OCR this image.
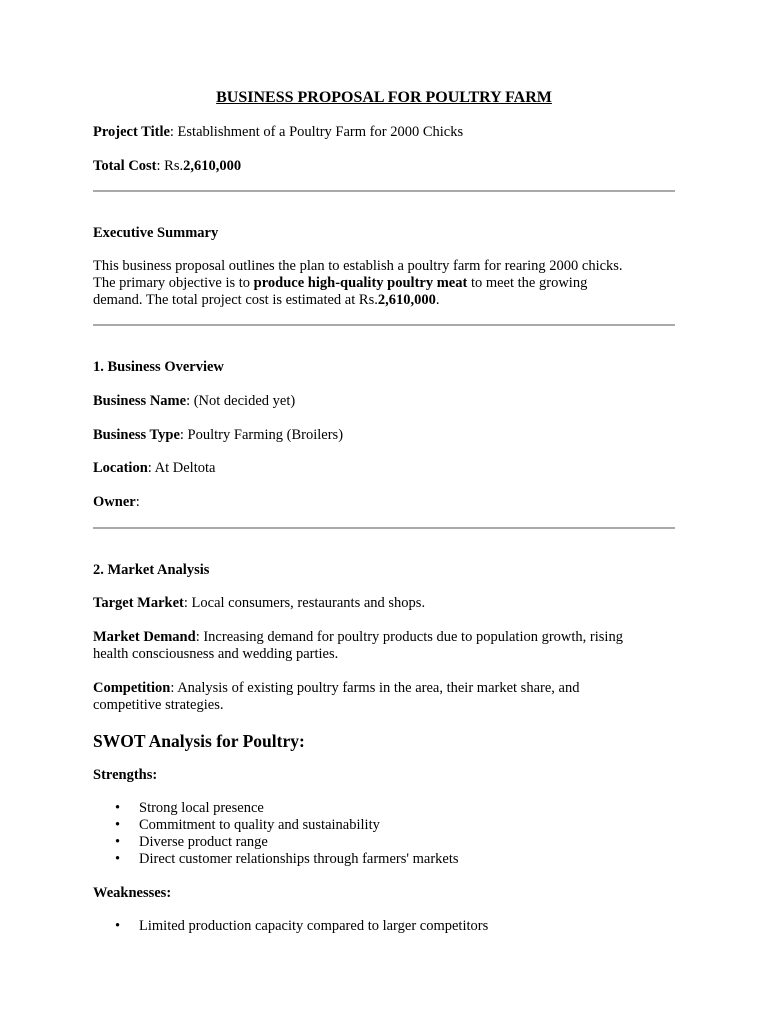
BUSINESS PROPOSAL FOR POULTRY FARM
Project Title: Establishment of a Poultry Farm for 2000 Chicks
Total Cost: Rs.2,610,000
Executive Summary
This business proposal outlines the plan to establish a poultry farm for rearing 2000 chicks.
The primary objective is to produce high-quality poultry meat to meet the growing
demand. The total project cost is estimated at Rs.2,610,000.
1. Business Overview
Business Name: (Not decided yet)
Business Type: Poultry Farming (Broilers)
Location: At Deltota
Owner:
2. Market Analysis
Target Market: Local consumers, restaurants and shops.
Market Demand: Increasing demand for poultry products due to population growth, rising
health consciousness and wedding parties.
Competition: Analysis of existing poultry farms in the area, their market share, and
competitive strategies.
SWOT Analysis for Poultry:
Strengths:
• Strong local presence
• Commitment to quality and sustainability
• Diverse product range
• Direct customer relationships through farmers' markets
Weaknesses:
• Limited production capacity compared to larger competitors
